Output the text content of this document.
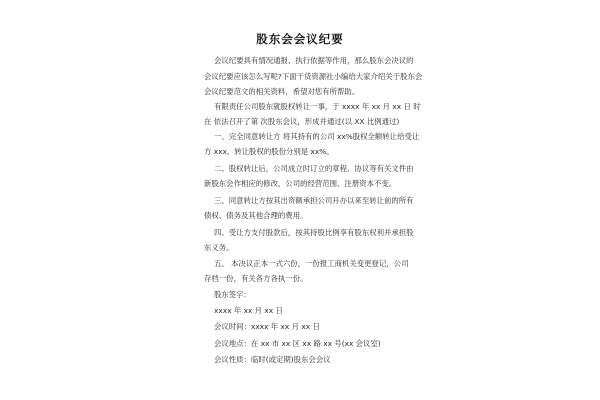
股东会会议纪要
会议纪要具有情况通报、执行依据等作用，那么股东会决议的
会议纪要应该怎么写呢?下面干货资源社小编给大家介绍关于股东会
会议纪要范文的相关资料，希望对您有所帮助。
有限责任公司股东就股权转让一事，于 xxxx 年 xx 月 xx 日 时
在 依法召开了第 次股东会议，形成并通过(以 XX 比例通过)
一、完全同意转让方 将其持有的公司 xx%股权全额转让给受让
方 xxx，转让股权的股份分别是 xx%。
二、股权转让后，公司成立时订立的章程、协议等有关文件由
新股东会作相应的修改，公司的经营范围、注册资本不变。
三、同意转让方按其出资额承担公司开办以来至转让前的所有
债权、债务及其他合理的费用。
四、受让方支付股款后，按其持股比例享有股东权利并承担股
东义务。
五、 本决议正本一式六份，一份报工商机关变更登记，公司
存档一份，有关各方各执一份。
股东签字:
xxxx 年 xx 月 xx 日
会议时间：xxxx 年 xx 月 xx 日
会议地点：在 xx 市 xx 区 xx 路 xx 号(xx 会议室)
会议性质：临时(或定期)股东会会议
